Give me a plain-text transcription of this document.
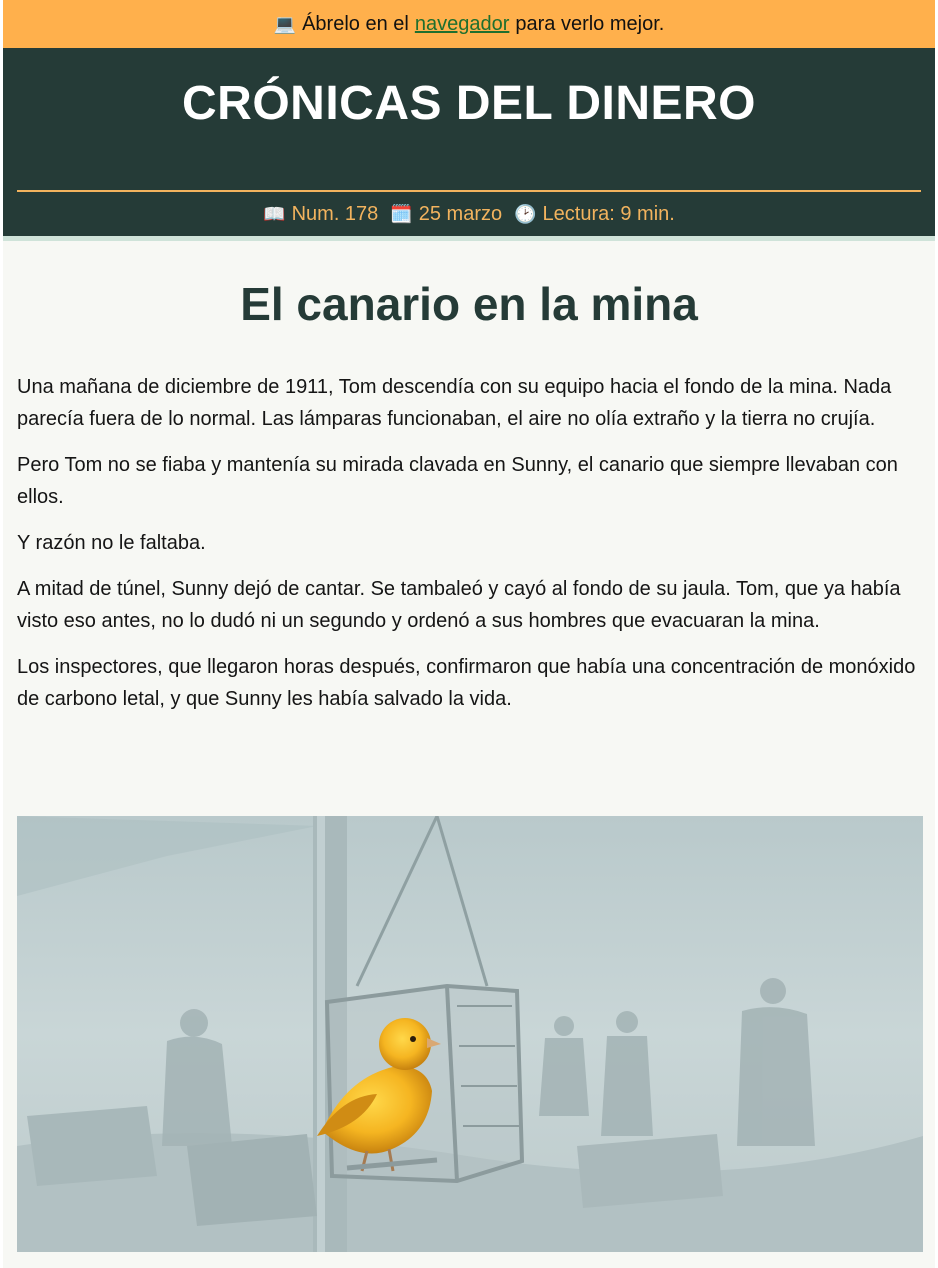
💻 Ábrelo en el navegador para verlo mejor.
CRÓNICAS DEL DINERO
📖 Num. 178 🗓️ 25 marzo 🕑 Lectura: 9 min.
El canario en la mina

Una mañana de diciembre de 1911, Tom descendía con su equipo hacia el fondo de la mina. Nada parecía fuera de lo normal. Las lámparas funcionaban, el aire no olía extraño y la tierra no crujía.

Pero Tom no se fiaba y mantenía su mirada clavada en Sunny, el canario que siempre llevaban con ellos.

Y razón no le faltaba.

A mitad de túnel, Sunny dejó de cantar. Se tambaleó y cayó al fondo de su jaula. Tom, que ya había visto eso antes, no lo dudó ni un segundo y ordenó a sus hombres que evacuaran la mina.

Los inspectores, que llegaron horas después, confirmaron que había una concentración de monóxido de carbono letal, y que Sunny les había salvado la vida.
